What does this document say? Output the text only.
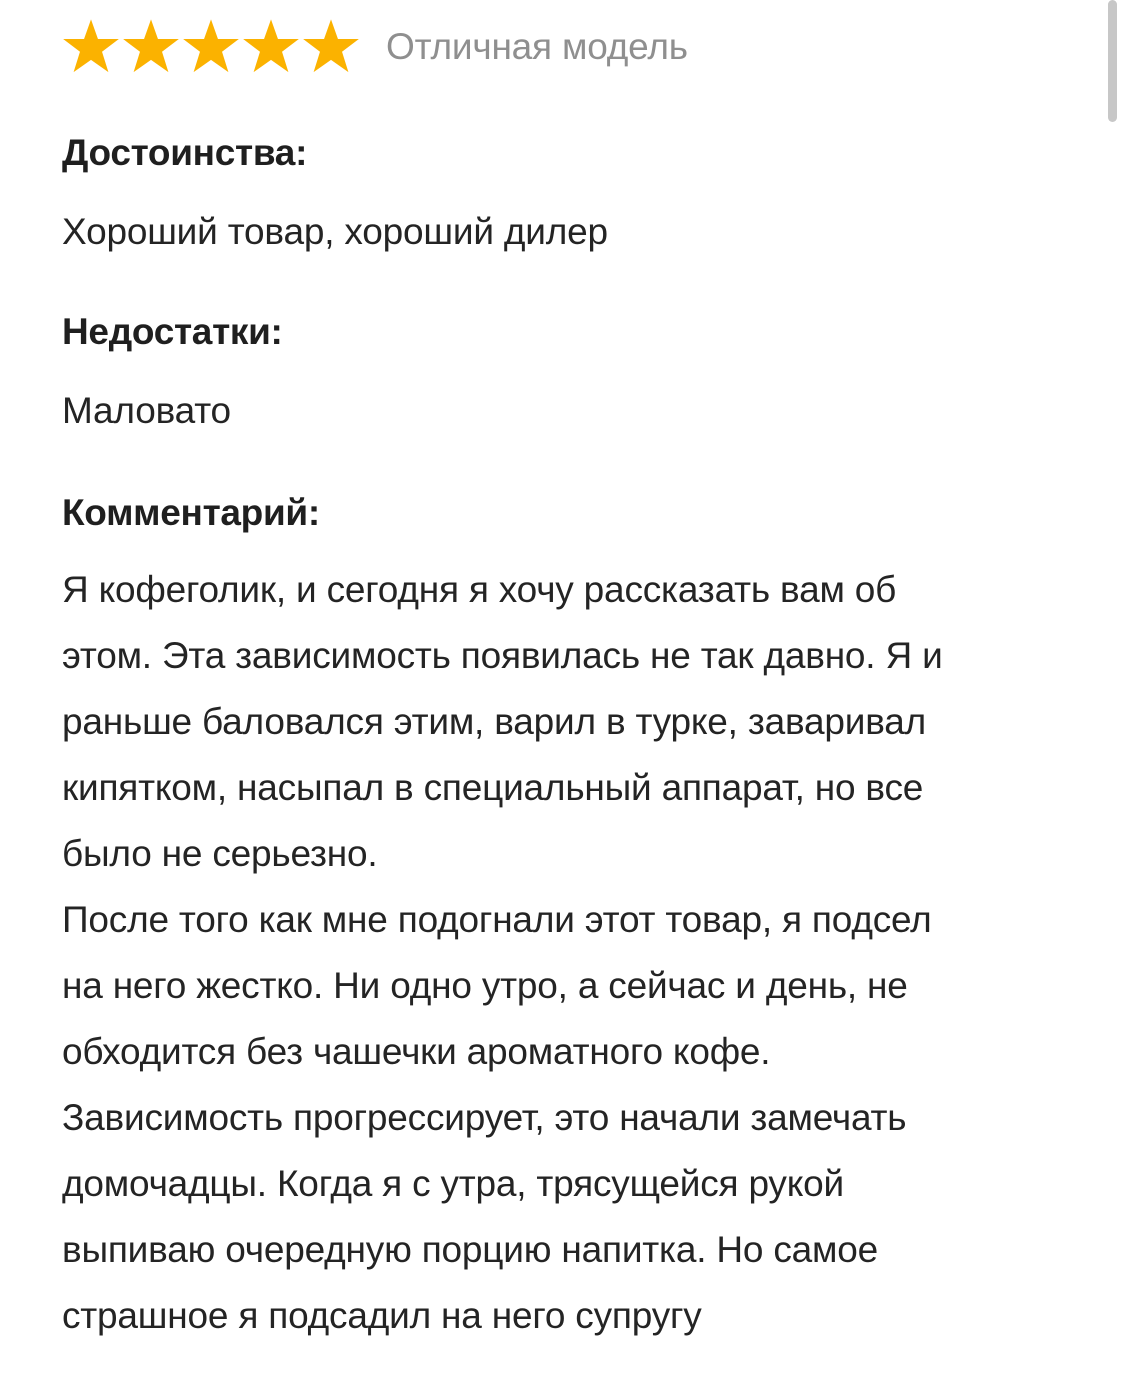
Отличная модель
Достоинства:

Хороший товар, хороший дилер

Недостатки:

Маловато

Комментарий:
Я кофеголик, и сегодня я хочу рассказать вам об
этом. Эта зависимость появилась не так давно. Я и
раньше баловался этим, варил в турке, заваривал
кипятком, насыпал в специальный аппарат, но все
было не серьезно.
После того как мне подогнали этот товар, я подсел
на него жестко. Ни одно утро, а сейчас и день, не
обходится без чашечки ароматного кофе.
Зависимость прогрессирует, это начали замечать
домочадцы. Когда я с утра, трясущейся рукой
выпиваю очередную порцию напитка. Но самое
страшное я подсадил на него супругу
